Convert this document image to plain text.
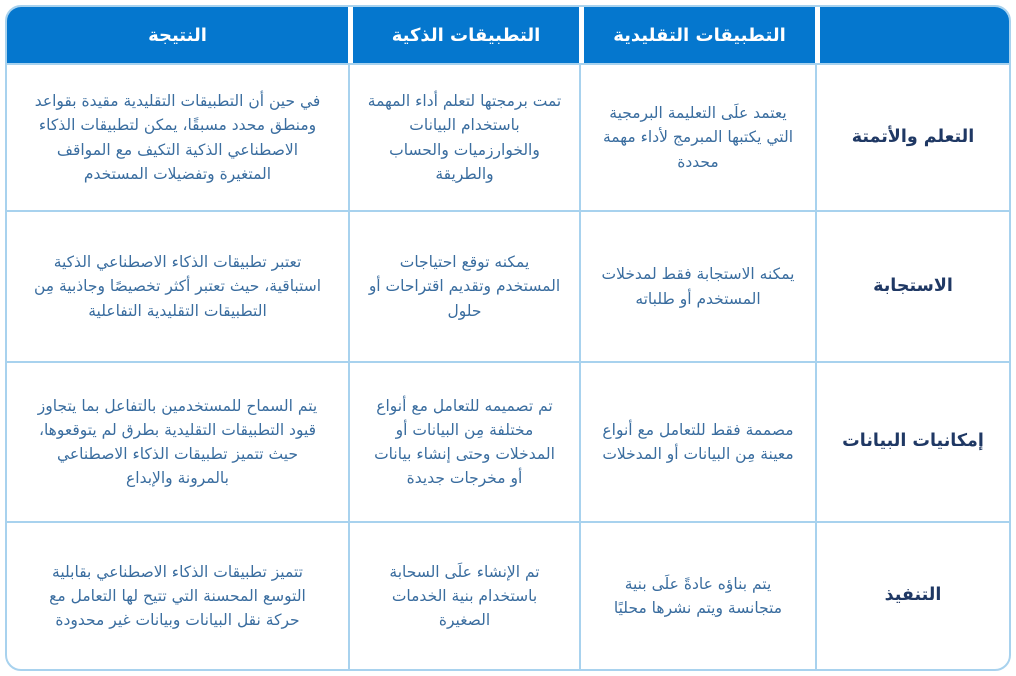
التطبيقات التقليدية
التطبيقات الذكية
النتيجة
التعلم والأتمتة
يعتمد علَى التعليمة البرمجية التي يكتبها المبرمج لأداء مهمة محددة
تمت برمجتها لتعلم أداء المهمة باستخدام البيانات والخوارزميات والحساب والطريقة
في حين أن التطبيقات التقليدية مقيدة بقواعد ومنطق محدد مسبقًا، يمكن لتطبيقات الذكاء الاصطناعي الذكية التكيف مع المواقف المتغيرة وتفضيلات المستخدم
الاستجابة
يمكنه الاستجابة فقط لمدخلات المستخدم أو طلباته
يمكنه توقع احتياجات المستخدم وتقديم اقتراحات أو حلول
تعتبر تطبيقات الذكاء الاصطناعي الذكية استباقية، حيث تعتبر أكثر تخصيصًا وجاذبية مِن التطبيقات التقليدية التفاعلية
إمكانيات البيانات
مصممة فقط للتعامل مع أنواع معينة مِن البيانات أو المدخلات
تم تصميمه للتعامل مع أنواع مختلفة مِن البيانات أو المدخلات وحتى إنشاء بيانات أو مخرجات جديدة
يتم السماح للمستخدمين بالتفاعل بما يتجاوز قيود التطبيقات التقليدية بطرق لم يتوقعوها، حيث تتميز تطبيقات الذكاء الاصطناعي بالمرونة والإبداع
التنفيذ
يتم بناؤه عادةً علَى بنية متجانسة ويتم نشرها محليًا
تم الإنشاء علَى السحابة باستخدام بنية الخدمات الصغيرة
تتميز تطبيقات الذكاء الاصطناعي بقابلية التوسع المحسنة التي تتيح لها التعامل مع حركة نقل البيانات وبيانات غير محدودة
